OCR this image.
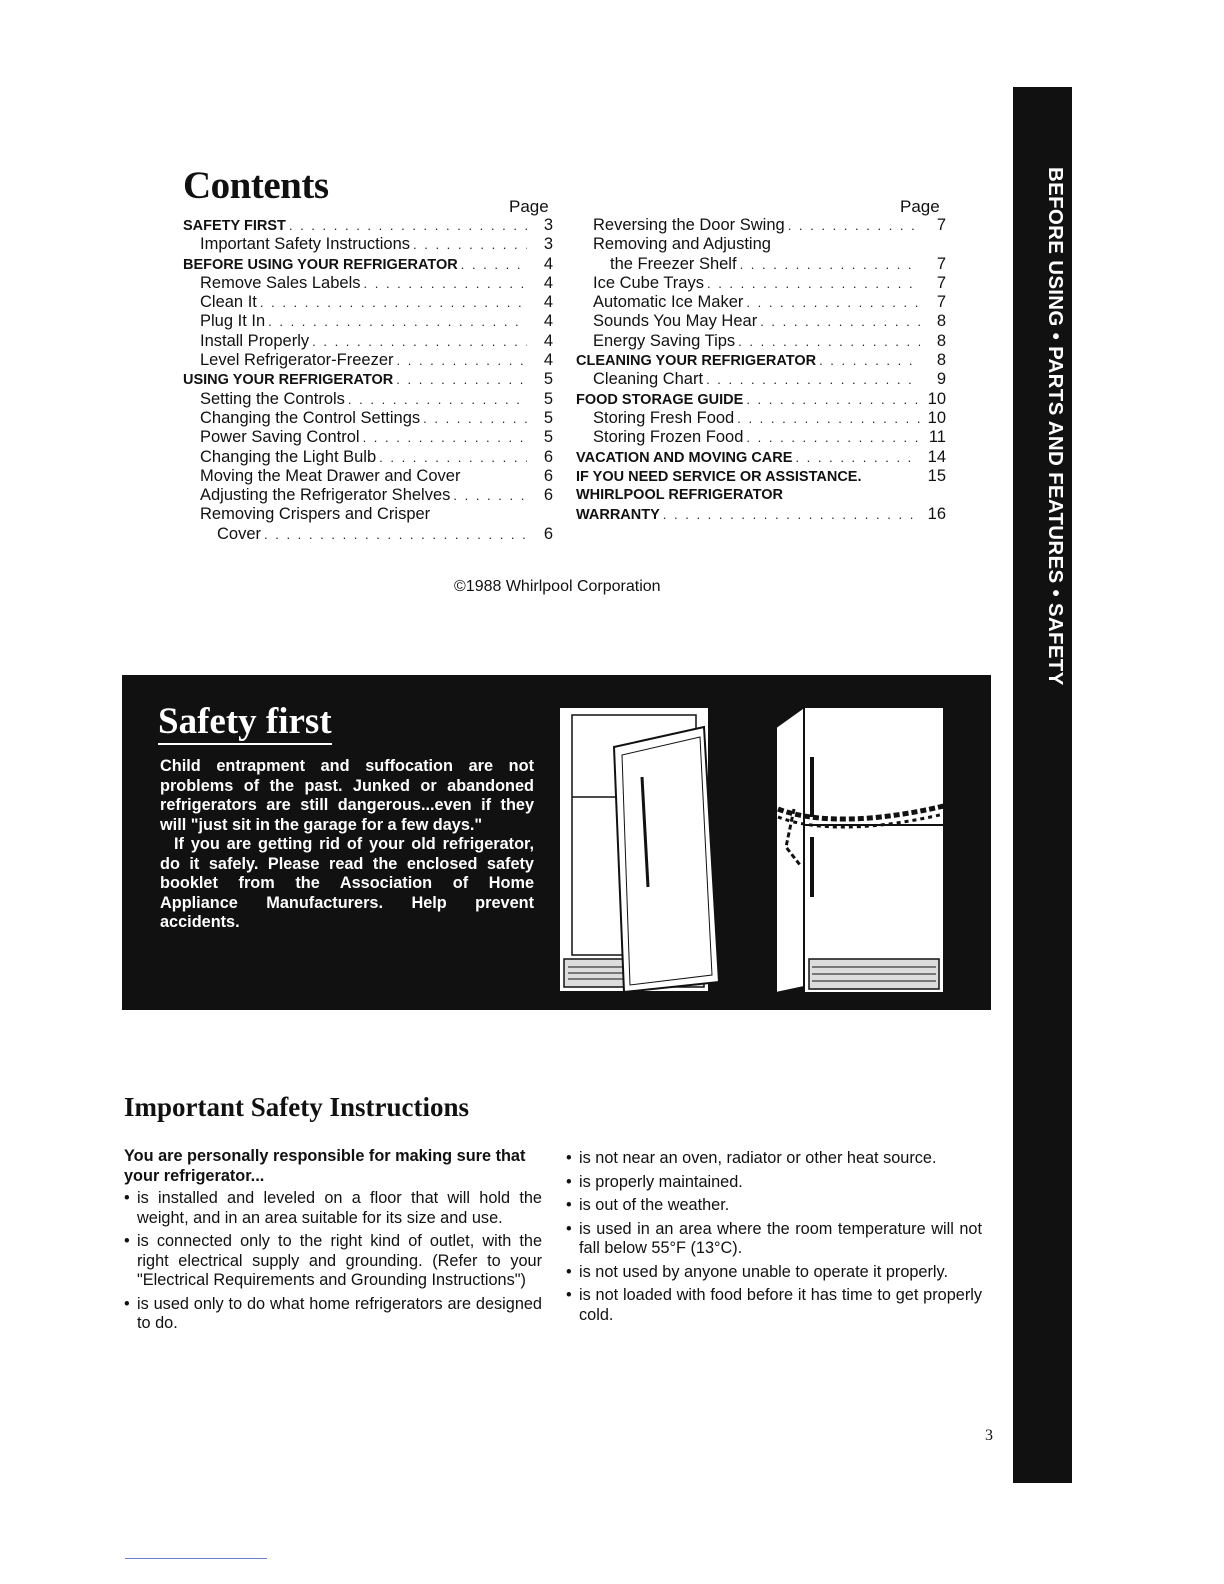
BEFORE USING • PARTS AND FEATURES • SAFETY
Contents	Page	Page
SAFETY FIRST . . .	3
Important Safety Instructions . . .	3
BEFORE USING YOUR REFRIGERATOR . . .	4
Remove Sales Labels . . .	4
Clean It . . .	4
Plug It In . . .	4
Install Properly . . .	4
Level Refrigerator-Freezer . . .	4
USING YOUR REFRIGERATOR . . .	5
Setting the Controls . . .	5
Changing the Control Settings . . .	5
Power Saving Control . . .	5
Changing the Light Bulb . . .	6
Moving the Meat Drawer and Cover	6
Adjusting the Refrigerator Shelves . . .	6
Removing Crispers and Crisper
Cover . . .	6
Reversing the Door Swing . . .	7
Removing and Adjusting
the Freezer Shelf . . .	7
Ice Cube Trays . . .	7
Automatic Ice Maker . . .	7
Sounds You May Hear . . .	8
Energy Saving Tips . . .	8
CLEANING YOUR REFRIGERATOR . . .	8
Cleaning Chart . . .	9
FOOD STORAGE GUIDE . . .	10
Storing Fresh Food . . .	10
Storing Frozen Food . . .	11
VACATION AND MOVING CARE . . .	14
IF YOU NEED SERVICE OR ASSISTANCE.	15
WHIRLPOOL REFRIGERATOR
WARRANTY . . .	16
©1988 Whirlpool Corporation
Safety first

Child entrapment and suffocation are not problems of the past. Junked or abandoned refrigerators are still dangerous...even if they will "just sit in the garage for a few days."

If you are getting rid of your old refrigerator, do it safely. Please read the enclosed safety booklet from the Association of Home Appliance Manufacturers. Help prevent accidents.

Important Safety Instructions
You are personally responsible for making sure that your refrigerator...
• is installed and leveled on a floor that will hold the weight, and in an area suitable for its size and use.
• is connected only to the right kind of outlet, with the right electrical supply and grounding. (Refer to your "Electrical Requirements and Grounding Instructions")
• is used only to do what home refrigerators are designed to do.
• is not near an oven, radiator or other heat source.
• is properly maintained.
• is out of the weather.
• is used in an area where the room temperature will not fall below 55°F (13°C).
• is not used by anyone unable to operate it properly.
• is not loaded with food before it has time to get properly cold.
3
